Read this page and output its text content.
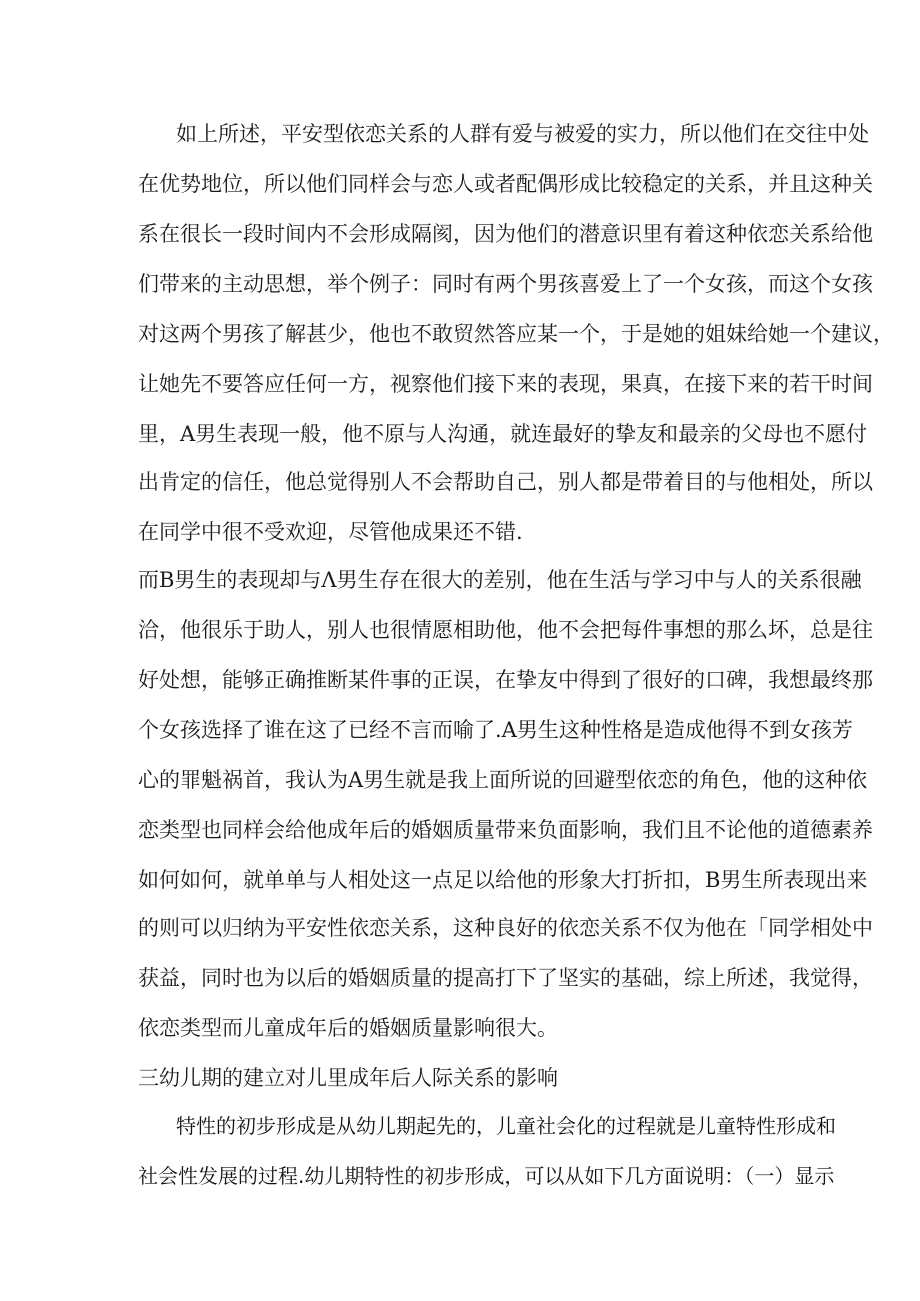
如上所述，平安型依恋关系的人群有爱与被爱的实力，所以他们在交往中处
在优势地位，所以他们同样会与恋人或者配偶形成比较稳定的关系，并且这种关
系在很长一段时间内不会形成隔阂，因为他们的潜意识里有着这种依恋关系给他
们带来的主动思想，举个例子：同时有两个男孩喜爱上了一个女孩，而这个女孩
对这两个男孩了解甚少，他也不敢贸然答应某一个，于是她的姐妹给她一个建议，
让她先不要答应任何一方，视察他们接下来的表现，果真，在接下来的若干时间
里，A男生表现一般，他不原与人沟通，就连最好的挚友和最亲的父母也不愿付
出肯定的信任，他总觉得别人不会帮助自己，别人都是带着目的与他相处，所以
在同学中很不受欢迎，尽管他成果还不错.
而B男生的表现却与Λ男生存在很大的差别，他在生活与学习中与人的关系很融
洽，他很乐于助人，别人也很情愿相助他，他不会把每件事想的那么坏，总是往
好处想，能够正确推断某件事的正误，在挚友中得到了很好的口碑，我想最终那
个女孩选择了谁在这了已经不言而喻了.A男生这种性格是造成他得不到女孩芳
心的罪魁祸首，我认为A男生就是我上面所说的回避型依恋的角色，他的这种依
恋类型也同样会给他成年后的婚姻质量带来负面影响，我们且不论他的道德素养
如何如何，就单单与人相处这一点足以给他的形象大打折扣，B男生所表现出来
的则可以归纳为平安性依恋关系，这种良好的依恋关系不仅为他在「同学相处中
获益，同时也为以后的婚姻质量的提高打下了坚实的基础，综上所述，我觉得，
依恋类型而儿童成年后的婚姻质量影响很大。
三幼儿期的建立对儿里成年后人际关系的影响
特性的初步形成是从幼儿期起先的，儿童社会化的过程就是儿童特性形成和
社会性发展的过程.幼儿期特性的初步形成，可以从如下几方面说明：（一）显示
